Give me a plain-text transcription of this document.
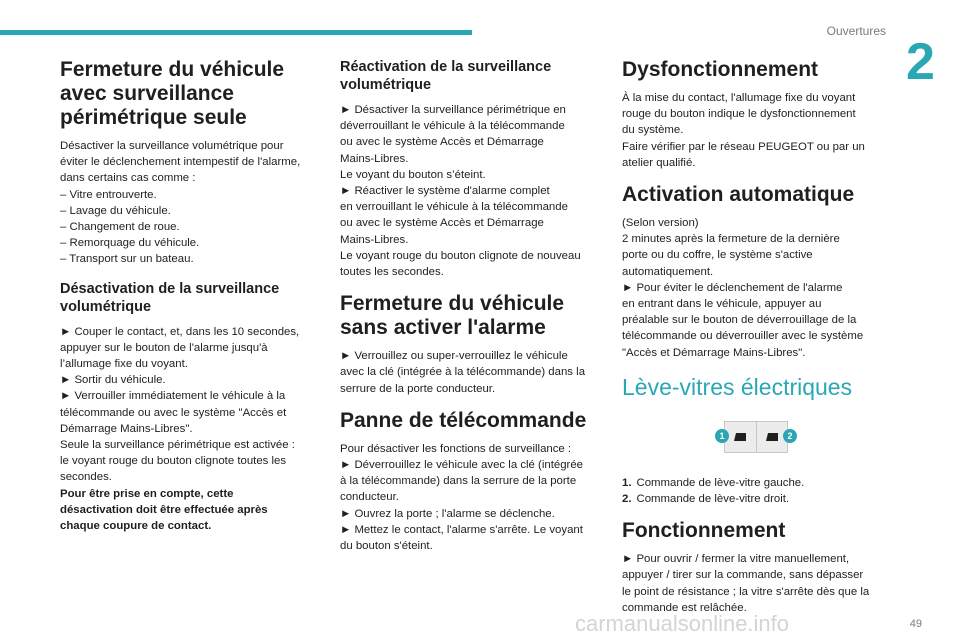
Ouvertures
2
Fermeture du véhicule avec surveillance périmétrique seule

Désactiver la surveillance volumétrique pour
éviter le déclenchement intempestif de l'alarme,
dans certains cas comme :
– Vitre entrouverte.
– Lavage du véhicule.
– Changement de roue.
– Remorquage du véhicule.
– Transport sur un bateau.

Désactivation de la surveillance volumétrique

► Couper le contact, et, dans les 10 secondes,
appuyer sur le bouton de l'alarme jusqu'à
l’allumage fixe du voyant.
► Sortir du véhicule.
► Verrouiller immédiatement le véhicule à la
télécommande ou avec le système "Accès et
Démarrage Mains-Libres".
Seule la surveillance périmétrique est activée :
le voyant rouge du bouton clignote toutes les
secondes.
Pour être prise en compte, cette
désactivation doit être effectuée après
chaque coupure de contact.

Réactivation de la surveillance volumétrique

► Désactiver la surveillance périmétrique en
déverrouillant le véhicule à la télécommande
ou avec le système Accès et Démarrage
Mains-Libres.
Le voyant du bouton s’éteint.
► Réactiver le système d'alarme complet
en verrouillant le véhicule à la télécommande
ou avec le système Accès et Démarrage
Mains-Libres.
Le voyant rouge du bouton clignote de nouveau
toutes les secondes.

Fermeture du véhicule sans activer l'alarme

► Verrouillez ou super-verrouillez le véhicule
avec la clé (intégrée à la télécommande) dans la
serrure de la porte conducteur.

Panne de télécommande

Pour désactiver les fonctions de surveillance :
► Déverrouillez le véhicule avec la clé (intégrée
à la télécommande) dans la serrure de la porte
conducteur.
► Ouvrez la porte ; l'alarme se déclenche.
► Mettez le contact, l'alarme s'arrête. Le voyant
du bouton s'éteint.

Dysfonctionnement

À la mise du contact, l'allumage fixe du voyant
rouge du bouton indique le dysfonctionnement
du système.
Faire vérifier par le réseau PEUGEOT ou par un
atelier qualifié.

Activation automatique

(Selon version)
2 minutes après la fermeture de la dernière
porte ou du coffre, le système s'active
automatiquement.
► Pour éviter le déclenchement de l'alarme
en entrant dans le véhicule, appuyer au
préalable sur le bouton de déverrouillage de la
télécommande ou déverrouiller avec le système
"Accès et Démarrage Mains-Libres".

Lève-vitres électriques
1	2

1. Commande de lève-vitre gauche.
2. Commande de lève-vitre droit.

Fonctionnement

► Pour ouvrir / fermer la vitre manuellement,
appuyer / tirer sur la commande, sans dépasser
le point de résistance ; la vitre s'arrête dès que la
commande est relâchée.

carmanualsonline.info	49
